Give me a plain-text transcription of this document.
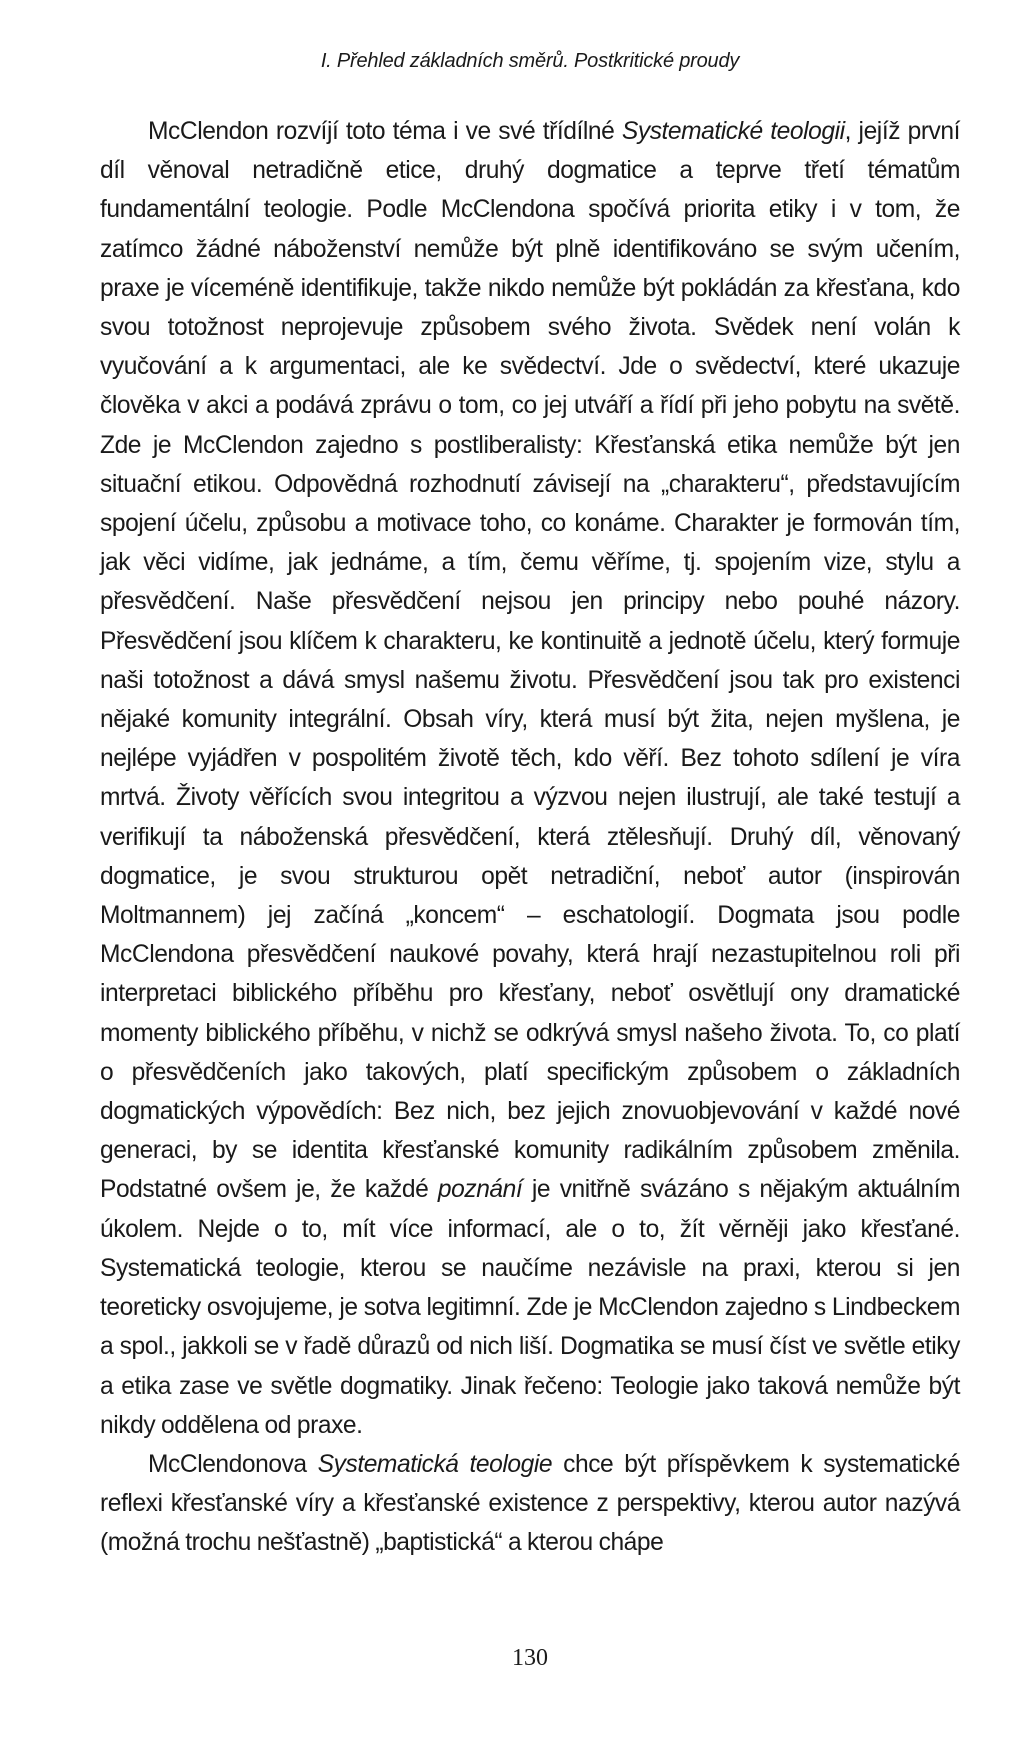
I. Přehled základních směrů. Postkritické proudy

McClendon rozvíjí toto téma i ve své třídílné Systematické teologii, jejíž první díl věnoval netradičně etice, druhý dogmatice a teprve třetí tématům fundamentální teologie. Podle McClendona spočívá priorita etiky i v tom, že zatímco žádné náboženství nemůže být plně identifikováno se svým učením, praxe je víceméně identifikuje, takže nikdo nemůže být pokládán za křesťana, kdo svou totožnost neprojevuje způsobem svého života. Svědek není volán k vyučování a k argumentaci, ale ke svědectví. Jde o svědectví, které ukazuje člověka v akci a podává zprávu o tom, co jej utváří a řídí při jeho pobytu na světě. Zde je McClendon zajedno s postliberalisty: Křesťanská etika nemůže být jen situační etikou. Odpovědná rozhodnutí závisejí na „charakteru“, představujícím spojení účelu, způsobu a motivace toho, co konáme. Charakter je formován tím, jak věci vidíme, jak jednáme, a tím, čemu věříme, tj. spojením vize, stylu a přesvědčení. Naše přesvědčení nejsou jen principy nebo pouhé názory. Přesvědčení jsou klíčem k charakteru, ke kontinuitě a jednotě účelu, který formuje naši totožnost a dává smysl našemu životu. Přesvědčení jsou tak pro existenci nějaké komunity integrální. Obsah víry, která musí být žita, nejen myšlena, je nejlépe vyjádřen v pospolitém životě těch, kdo věří. Bez tohoto sdílení je víra mrtvá. Životy věřících svou integritou a výzvou nejen ilustrují, ale také testují a verifikují ta náboženská přesvědčení, která ztělesňují. Druhý díl, věnovaný dogmatice, je svou strukturou opět netradiční, neboť autor (inspirován Moltmannem) jej začíná „koncem“ – eschatologií. Dogmata jsou podle McClendona přesvědčení naukové povahy, která hrají nezastupitelnou roli při interpretaci biblického příběhu pro křesťany, neboť osvětlují ony dramatické momenty biblického příběhu, v nichž se odkrývá smysl našeho života. To, co platí o přesvědčeních jako takových, platí specifickým způsobem o základních dogmatických výpovědích: Bez nich, bez jejich znovuobjevování v každé nové generaci, by se identita křesťanské komunity radikálním způsobem změnila. Podstatné ovšem je, že každé poznání je vnitřně svázáno s nějakým aktuálním úkolem. Nejde o to, mít více informací, ale o to, žít věrněji jako křesťané. Systematická teologie, kterou se naučíme nezávisle na praxi, kterou si jen teoreticky osvojujeme, je sotva legitimní. Zde je McClendon zajedno s Lindbeckem a spol., jakkoli se v řadě důrazů od nich liší. Dogmatika se musí číst ve světle etiky a etika zase ve světle dogmatiky. Jinak řečeno: Teologie jako taková nemůže být nikdy oddělena od praxe.

McClendonova Systematická teologie chce být příspěvkem k systematické reflexi křesťanské víry a křesťanské existence z perspektivy, kterou autor nazývá (možná trochu nešťastně) „baptistická“ a kterou chápe

130
